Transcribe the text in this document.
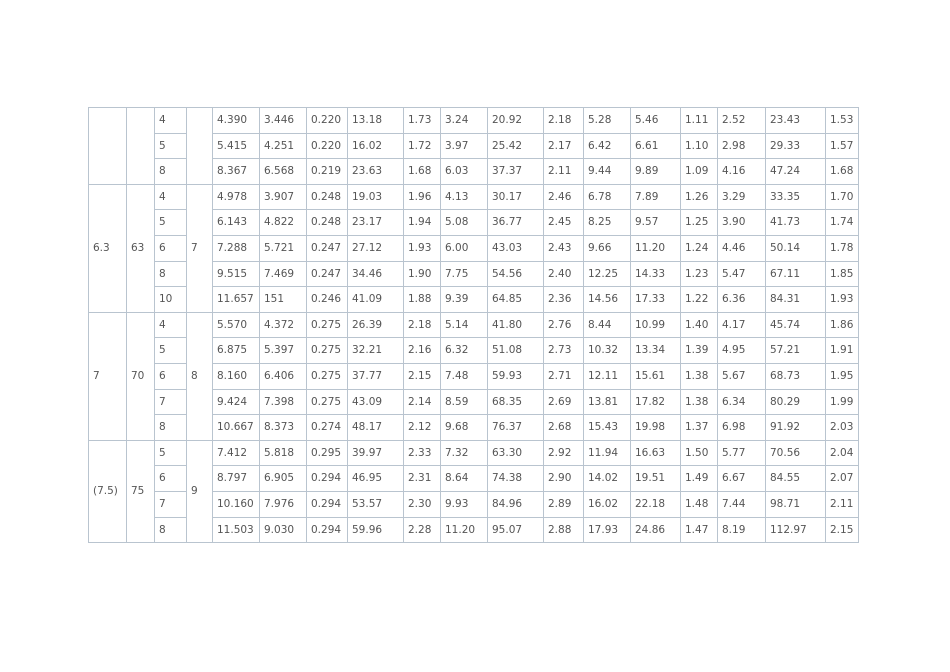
		4		4.390	3.446	0.220	13.18	1.73	3.24	20.92	2.18	5.28	5.46	1.11	2.52	23.43	1.53
		5		5.415	4.251	0.220	16.02	1.72	3.97	25.42	2.17	6.42	6.61	1.10	2.98	29.33	1.57
		8		8.367	6.568	0.219	23.63	1.68	6.03	37.37	2.11	9.44	9.89	1.09	4.16	47.24	1.68
6.3	63	4	7	4.978	3.907	0.248	19.03	1.96	4.13	30.17	2.46	6.78	7.89	1.26	3.29	33.35	1.70
		5		6.143	4.822	0.248	23.17	1.94	5.08	36.77	2.45	8.25	9.57	1.25	3.90	41.73	1.74
		6		7.288	5.721	0.247	27.12	1.93	6.00	43.03	2.43	9.66	11.20	1.24	4.46	50.14	1.78
		8		9.515	7.469	0.247	34.46	1.90	7.75	54.56	2.40	12.25	14.33	1.23	5.47	67.11	1.85
		10		11.657	151	0.246	41.09	1.88	9.39	64.85	2.36	14.56	17.33	1.22	6.36	84.31	1.93
7	70	4	8	5.570	4.372	0.275	26.39	2.18	5.14	41.80	2.76	8.44	10.99	1.40	4.17	45.74	1.86
		5		6.875	5.397	0.275	32.21	2.16	6.32	51.08	2.73	10.32	13.34	1.39	4.95	57.21	1.91
		6		8.160	6.406	0.275	37.77	2.15	7.48	59.93	2.71	12.11	15.61	1.38	5.67	68.73	1.95
		7		9.424	7.398	0.275	43.09	2.14	8.59	68.35	2.69	13.81	17.82	1.38	6.34	80.29	1.99
		8		10.667	8.373	0.274	48.17	2.12	9.68	76.37	2.68	15.43	19.98	1.37	6.98	91.92	2.03
(7.5)	75	5	9	7.412	5.818	0.295	39.97	2.33	7.32	63.30	2.92	11.94	16.63	1.50	5.77	70.56	2.04
		6		8.797	6.905	0.294	46.95	2.31	8.64	74.38	2.90	14.02	19.51	1.49	6.67	84.55	2.07
		7		10.160	7.976	0.294	53.57	2.30	9.93	84.96	2.89	16.02	22.18	1.48	7.44	98.71	2.11
		8		11.503	9.030	0.294	59.96	2.28	11.20	95.07	2.88	17.93	24.86	1.47	8.19	112.97	2.15
